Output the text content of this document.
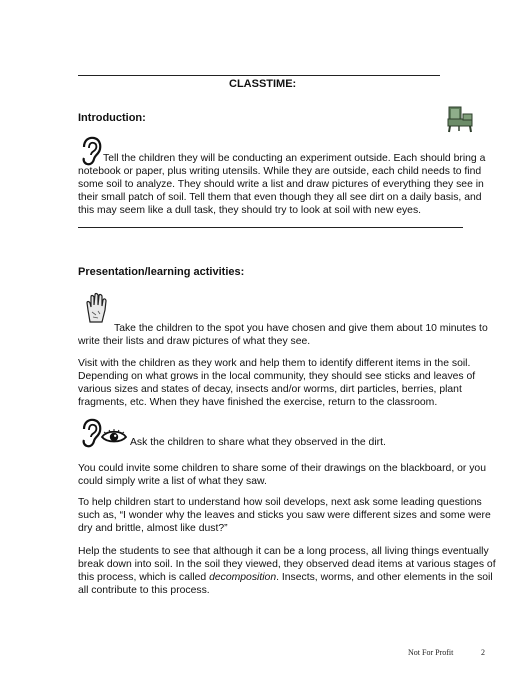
CLASSTIME:
Introduction:

Tell the children they will be conducting an experiment outside. Each should bring a notebook or paper, plus writing utensils. While they are outside, each child needs to find some soil to analyze. They should write a list and draw pictures of everything they see in their small patch of soil. Tell them that even though they all see dirt on a daily basis, and this may seem like a dull task, they should try to look at soil with new eyes.

Presentation/learning activities:

Take the children to the spot you have chosen and give them about 10 minutes to write their lists and draw pictures of what they see.

Visit with the children as they work and help them to identify different items in the soil. Depending on what grows in the local community, they should see sticks and leaves of various sizes and states of decay, insects and/or worms, dirt particles, berries, plant fragments, etc. When they have finished the exercise, return to the classroom.

Ask the children to share what they observed in the dirt.

You could invite some children to share some of their drawings on the blackboard, or you could simply write a list of what they saw.

To help children start to understand how soil develops, next ask some leading questions such as, “I wonder why the leaves and sticks you saw were different sizes and some were dry and brittle, almost like dust?”

Help the students to see that although it can be a long process, all living things eventually break down into soil. In the soil they viewed, they observed dead items at various stages of this process, which is called decomposition. Insects, worms, and other elements in the soil all contribute to this process.

Not For Profit	2
